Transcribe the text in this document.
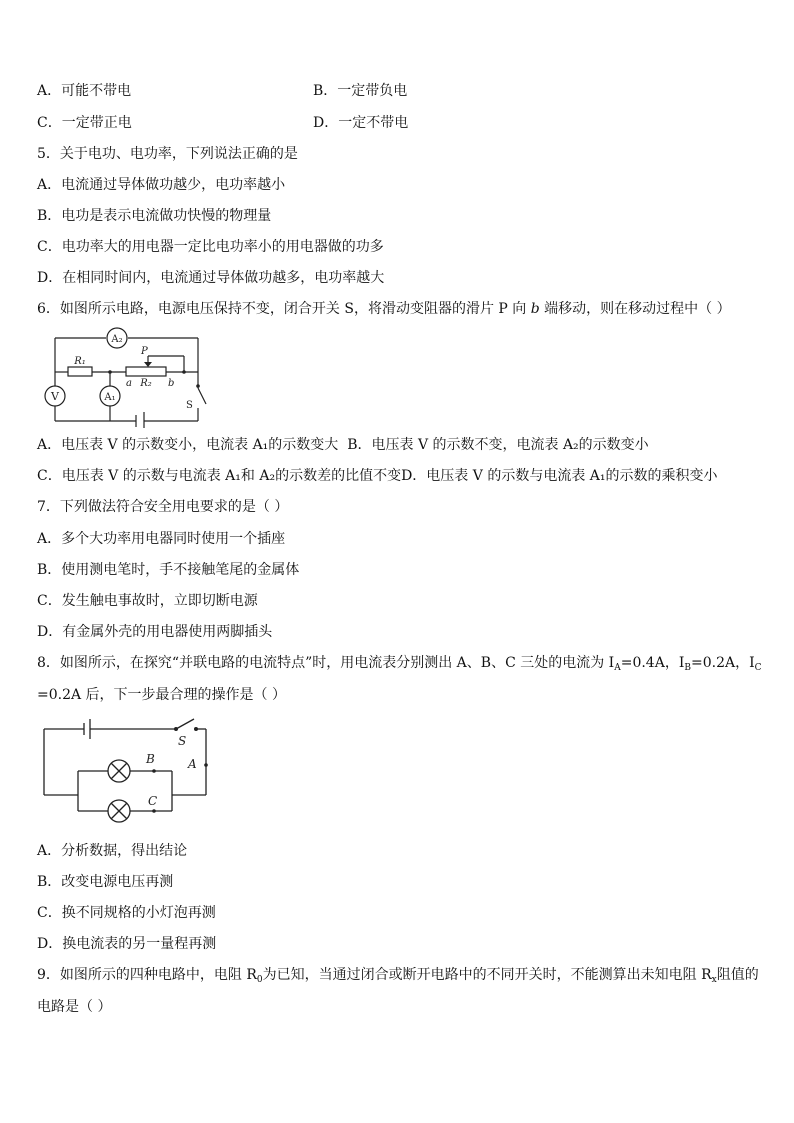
A．可能不带电	B．一定带负电
C．一定带正电	D．一定不带电
5．关于电功、电功率，下列说法正确的是
A．电流通过导体做功越少，电功率越小
B．电功是表示电流做功快慢的物理量
C．电功率大的用电器一定比电功率小的用电器做的功多
D．在相同时间内，电流通过导体做功越多，电功率越大
6．如图所示电路，电源电压保持不变，闭合开关 S，将滑动变阻器的滑片 P 向 b 端移动，则在移动过程中（ ）
A₂
V	A₁
R₁
P
R₂
a	b
S
A．电压表 V 的示数变小，电流表 A₁的示数变大 B．电压表 V 的示数不变，电流表 A₂的示数变小
C．电压表 V 的示数与电流表 A₁和 A₂的示数差的比值不变D．电压表 V 的示数与电流表 A₁的示数的乘积变小
7．下列做法符合安全用电要求的是（ ）
A．多个大功率用电器同时使用一个插座
B．使用测电笔时，手不接触笔尾的金属体
C．发生触电事故时，立即切断电源
D．有金属外壳的用电器使用两脚插头
8．如图所示，在探究“并联电路的电流特点”时，用电流表分别测出 A、B、C 三处的电流为 $I_A=0.4A$，$I_B=0.2A$，$I_C$
=0.2A 后，下一步最合理的操作是（ ）
S
A
B
C
A．分析数据，得出结论
B．改变电源电压再测
C．换不同规格的小灯泡再测
D．换电流表的另一量程再测
9．如图所示的四种电路中，电阻 $R_0$为已知，当通过闭合或断开电路中的不同开关时，不能测算出未知电阻 $R_x$阻值的
电路是（ ）
